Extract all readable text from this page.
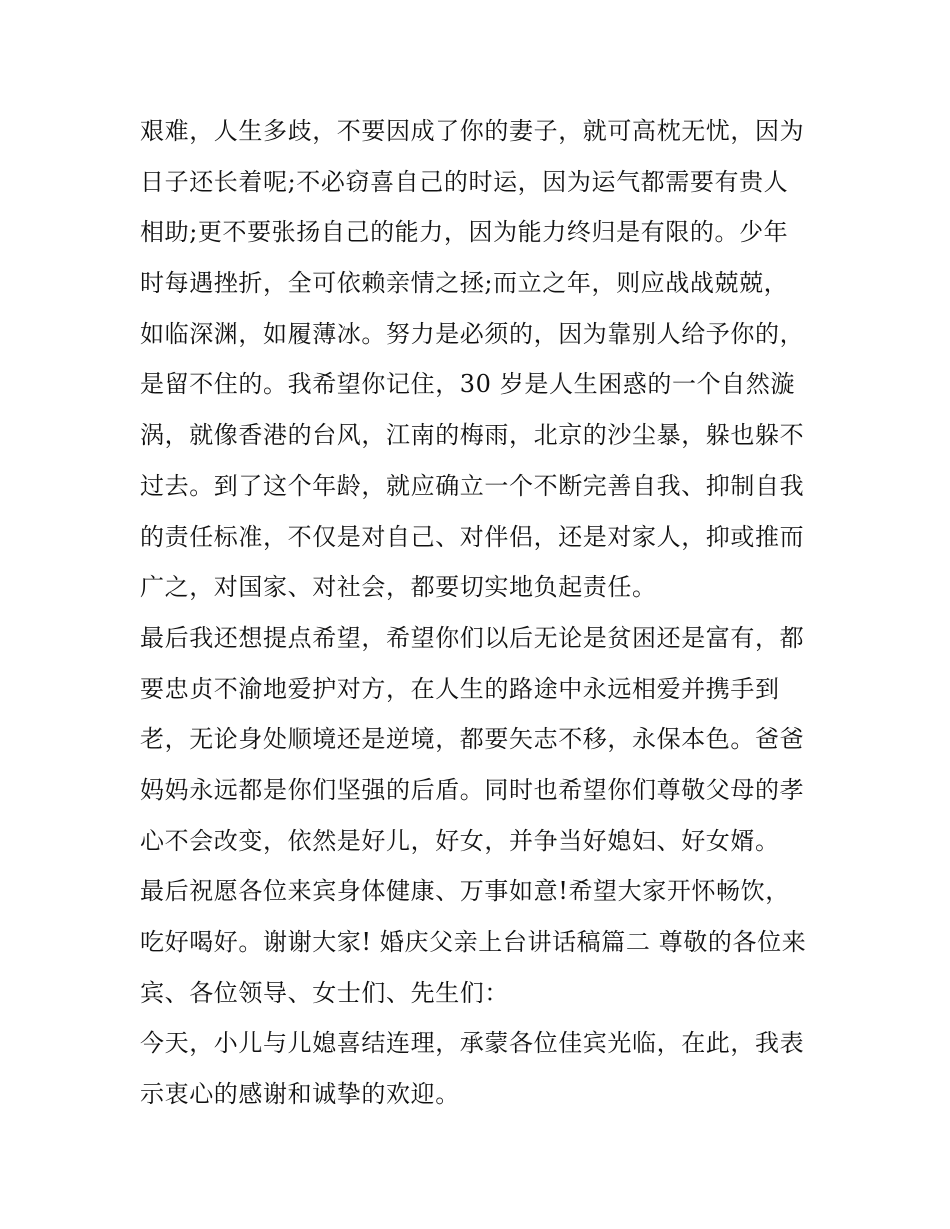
艰难，人生多歧，不要因成了你的妻子，就可高枕无忧，因为
日子还长着呢;不必窃喜自己的时运，因为运气都需要有贵人
相助;更不要张扬自己的能力，因为能力终归是有限的。少年
时每遇挫折，全可依赖亲情之拯;而立之年，则应战战兢兢，
如临深渊，如履薄冰。努力是必须的，因为靠别人给予你的，
是留不住的。我希望你记住，30 岁是人生困惑的一个自然漩
涡，就像香港的台风，江南的梅雨，北京的沙尘暴，躲也躲不
过去。到了这个年龄，就应确立一个不断完善自我、抑制自我
的责任标准，不仅是对自己、对伴侣，还是对家人，抑或推而
广之，对国家、对社会，都要切实地负起责任。
最后我还想提点希望，希望你们以后无论是贫困还是富有，都
要忠贞不渝地爱护对方，在人生的路途中永远相爱并携手到
老，无论身处顺境还是逆境，都要矢志不移，永保本色。爸爸
妈妈永远都是你们坚强的后盾。同时也希望你们尊敬父母的孝
心不会改变，依然是好儿，好女，并争当好媳妇、好女婿。
最后祝愿各位来宾身体健康、万事如意!希望大家开怀畅饮，
吃好喝好。谢谢大家! 婚庆父亲上台讲话稿篇二 尊敬的各位来
宾、各位领导、女士们、先生们：
今天，小儿与儿媳喜结连理，承蒙各位佳宾光临，在此，我表
示衷心的感谢和诚挚的欢迎。
